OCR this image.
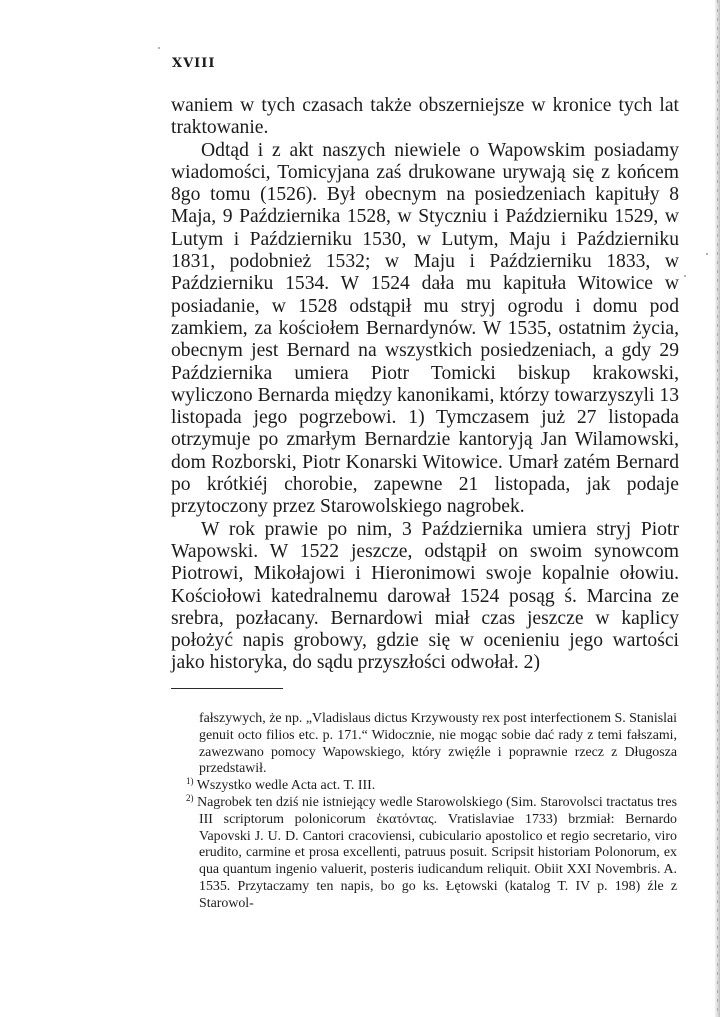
XVIII

waniem w tych czasach także obszerniejsze w kronice tych lat traktowanie.

Odtąd i z akt naszych niewiele o Wapowskim posiadamy wiadomości, Tomicyjana zaś drukowane urywają się z końcem 8go tomu (1526). Był obecnym na posiedzeniach kapituły 8 Maja, 9 Października 1528, w Styczniu i Październiku 1529, w Lutym i Październiku 1530, w Lutym, Maju i Październiku 1831, podobnież 1532; w Maju i Październiku 1833, w Październiku 1534. W 1524 dała mu kapituła Witowice w posiadanie, w 1528 odstąpił mu stryj ogrodu i domu pod zamkiem, za kościołem Bernardynów. W 1535, ostatnim życia, obecnym jest Bernard na wszystkich posiedzeniach, a gdy 29 Października umiera Piotr Tomicki biskup krakowski, wyliczono Bernarda między kanonikami, którzy towarzyszyli 13 listopada jego pogrzebowi. 1) Tymczasem już 27 listopada otrzymuje po zmarłym Bernardzie kantoryją Jan Wilamowski, dom Rozborski, Piotr Konarski Witowice. Umarł zatém Bernard po krótkiéj chorobie, zapewne 21 listopada, jak podaje przytoczony przez Starowolskiego nagrobek.

W rok prawie po nim, 3 Października umiera stryj Piotr Wapowski. W 1522 jeszcze, odstąpił on swoim synowcom Piotrowi, Mikołajowi i Hieronimowi swoje kopalnie ołowiu. Kościołowi katedralnemu darował 1524 posąg ś. Marcina ze srebra, pozłacany. Bernardowi miał czas jeszcze w kaplicy położyć napis grobowy, gdzie się w ocenieniu jego wartości jako historyka, do sądu przyszłości odwołał. 2)

fałszywych, że np. „Vladislaus dictus Krzywousty rex post interfectionem S. Stanislai genuit octo filios etc. p. 171.“ Widocznie, nie mogąc sobie dać rady z temi fałszami, zawezwano pomocy Wapowskiego, który zwięźle i poprawnie rzecz z Długosza przedstawił.

$^{1)}$ Wszystko wedle Acta act. T. III.

$^{2)}$ Nagrobek ten dziś nie istniejący wedle Starowolskiego (Sim. Starovolsci tractatus tres III scriptorum polonicorum ἑκατόντας. Vratislaviae 1733) brzmiał: Bernardo Vapovski J. U. D. Cantori cracoviensi, cubiculario apostolico et regio secretario, viro erudito, carmine et prosa excellenti, patruus posuit. Scripsit historiam Polonorum, ex qua quantum ingenio valuerit, posteris iudicandum reliquit. Obiit XXI Novembris. A. 1535. Przytaczamy ten napis, bo go ks. Łętowski (katalog T. IV p. 198) źle z Starowol-
